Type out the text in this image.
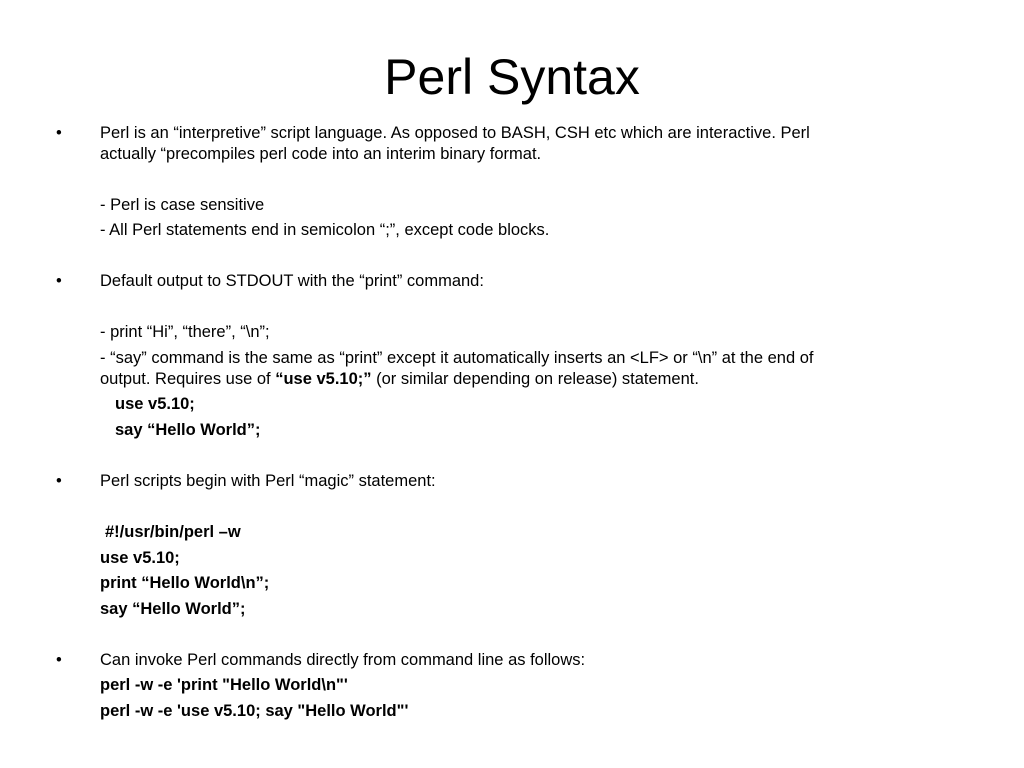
Perl Syntax
• Perl is an “interpretive” script language. As opposed to BASH, CSH etc which are interactive. Perl
actually “precompiles perl code into an interim binary format.
- Perl is case sensitive
- All Perl statements end in semicolon “;”, except code blocks.
• Default output to STDOUT with the “print” command:
- print “Hi”, “there”, “\n”;
- “say” command is the same as “print” except it automatically inserts an <LF> or “\n” at the end of
output. Requires use of “use v5.10;” (or similar depending on release) statement.
use v5.10;
say “Hello World”;
• Perl scripts begin with Perl “magic” statement:
#!/usr/bin/perl –w
use v5.10;
print “Hello World\n”;
say “Hello World”;
• Can invoke Perl commands directly from command line as follows:
perl -w -e 'print "Hello World\n"'
perl -w -e 'use v5.10; say "Hello World"'
